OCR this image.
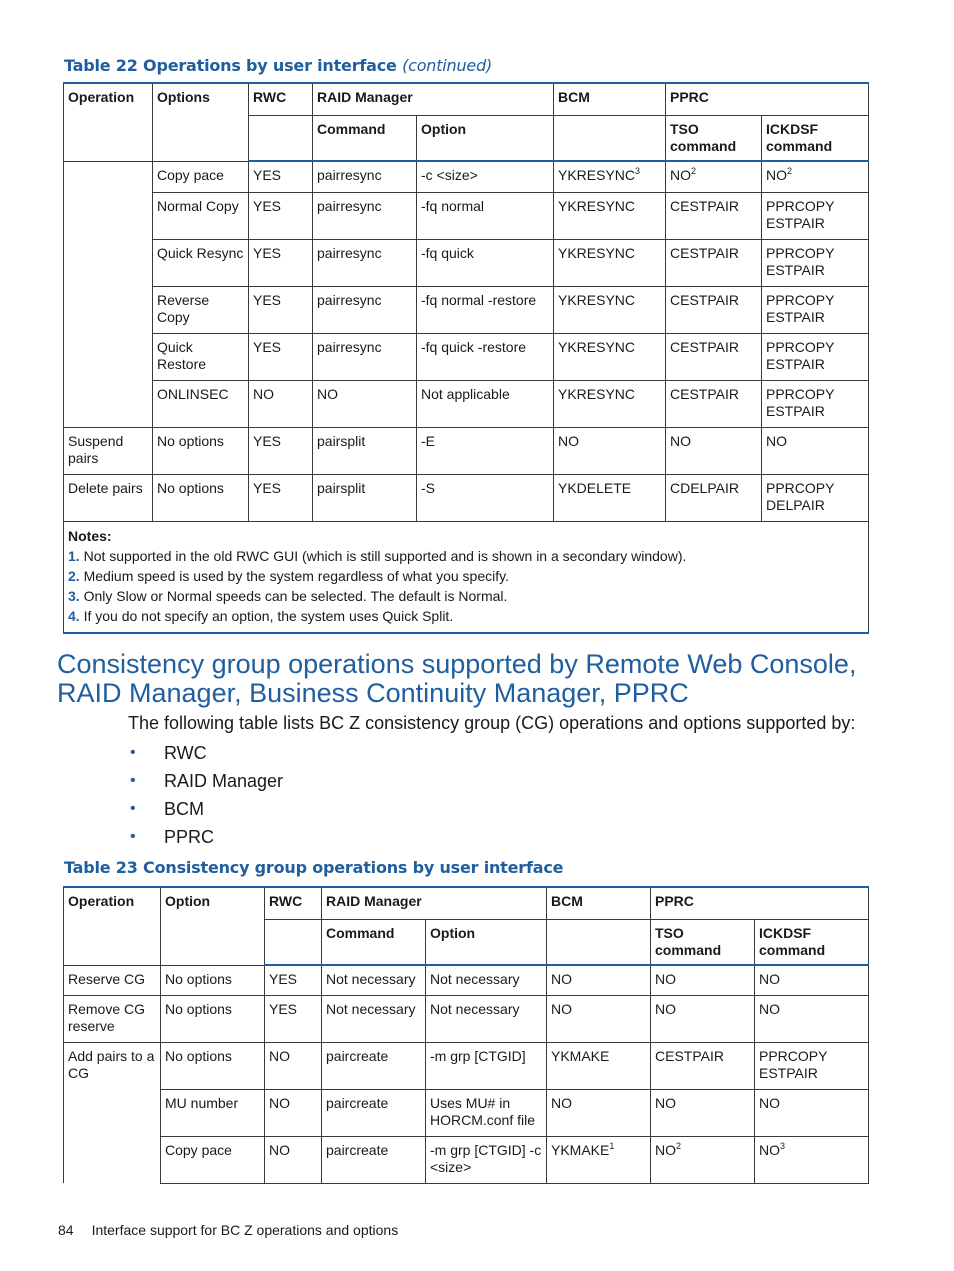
Table 22 Operations by user interface (continued)
Operation	Options	RWC	RAID Manager		BCM	PPRC	
			Command	Option		TSO command	ICKDSF command
	Copy pace	YES	pairresync	-c <size>	$YKRESYNC^3$	$NO^2$	$NO^2$
	Normal Copy	YES	pairresync	-fq normal	YKRESYNC	CESTPAIR	PPRCOPY ESTPAIR
	Quick Resync	YES	pairresync	-fq quick	YKRESYNC	CESTPAIR	PPRCOPY ESTPAIR
	Reverse Copy	YES	pairresync	-fq normal -restore	YKRESYNC	CESTPAIR	PPRCOPY ESTPAIR
	Quick Restore	YES	pairresync	-fq quick -restore	YKRESYNC	CESTPAIR	PPRCOPY ESTPAIR
	ONLINSEC	NO	NO	Not applicable	YKRESYNC	CESTPAIR	PPRCOPY ESTPAIR
Suspend pairs	No options	YES	pairsplit	-E	NO	NO	NO
Delete pairs	No options	YES	pairsplit	-S	YKDELETE	CDELPAIR	PPRCOPY DELPAIR

Notes:
1. Not supported in the old RWC GUI (which is still supported and is shown in a secondary window).
2. Medium speed is used by the system regardless of what you specify.
3. Only Slow or Normal speeds can be selected. The default is Normal.
4. If you do not specify an option, the system uses Quick Split.							
Consistency group operations supported by Remote Web Console, RAID Manager, Business Continuity Manager, PPRC
The following table lists BC Z consistency group (CG) operations and options supported by:
• RWC
• RAID Manager
• BCM
• PPRC
Table 23 Consistency group operations by user interface
Operation	Option	RWC	RAID Manager		BCM	PPRC	
			Command	Option		TSO command	ICKDSF command
Reserve CG	No options	YES	Not necessary	Not necessary	NO	NO	NO
Remove CG reserve	No options	YES	Not necessary	Not necessary	NO	NO	NO
Add pairs to a CG	No options	NO	paircreate	-m grp [CTGID]	YKMAKE	CESTPAIR	PPRCOPY ESTPAIR
	MU number	NO	paircreate	Uses MU# in HORCM.conf file	NO	NO	NO
	Copy pace	NO	paircreate	-m grp [CTGID] -c <size>	$YKMAKE^1$	$NO^2$	$NO^3$
84 Interface support for BC Z operations and options
